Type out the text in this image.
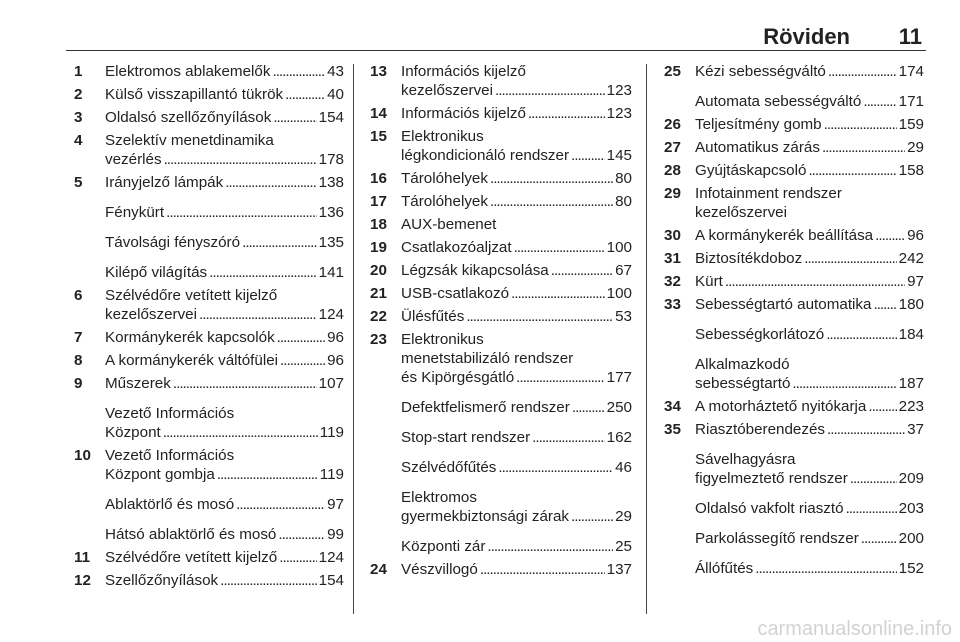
Röviden 11
1 Elektromos ablakemelők . . .	43
2 Külső visszapillantó tükrök . . .	40
3 Oldalsó szellőzőnyílások . . .	154
4 Szelektív menetdinamika
vezérlés . . .	178
5 Irányjelző lámpák . . .	138
Fénykürt . . .	136
Távolsági fényszóró . . .	135
Kilépő világítás . . .	141
6 Szélvédőre vetített kijelző
kezelőszervei . . .	124
7 Kormánykerék kapcsolók . . .	96
8 A kormánykerék váltófülei . . .	96
9 Műszerek . . .	107
Vezető Információs
Központ . . .	119
10 Vezető Információs
Központ gombja . . .	119
Ablaktörlő és mosó . . .	97
Hátsó ablaktörlő és mosó . . .	99
11 Szélvédőre vetített kijelző . . .	124
12 Szellőzőnyílások . . .	154
13 Információs kijelző
kezelőszervei . . .	123
14 Információs kijelző . . .	123
15 Elektronikus
légkondicionáló rendszer . . . 145
16 Tárolóhelyek . . .	80
17 Tárolóhelyek . . .	80
18 AUX-bemenet
19 Csatlakozóaljzat . . .	100
20 Légzsák kikapcsolása . . .	67
21 USB-csatlakozó . . .	100
22 Ülésfűtés . . .	53
23 Elektronikus
menetstabilizáló rendszer
és Kipörgésgátló . . .	177
Defektfelismerő rendszer . . . 250
Stop-start rendszer . . .	162
Szélvédőfűtés . . .	46
Elektromos
gyermekbiztonsági zárak . . .	29
Központi zár . . .	25
24 Vészvillogó . . .	137
25 Kézi sebességváltó . . .	174
Automata sebességváltó . . . 171
26 Teljesítmény gomb . . .	159
27 Automatikus zárás . . .	29
28 Gyújtáskapcsoló . . .	158
29 Infotainment rendszer
kezelőszervei
30 A kormánykerék beállítása . . . 96
31 Biztosítékdoboz . . .	242
32 Kürt . . .	97
33 Sebességtartó automatika . . . 180
Sebességkorlátozó . . .	184
Alkalmazkodó
sebességtartó . . .	187
34 A motorháztető nyitókarja . . . 223
35 Riasztóberendezés . . .	37
Sávelhagyásra
figyelmeztető rendszer . . .	209
Oldalsó vakfolt riasztó . . .	203
Parkolássegítő rendszer . . .	200
Állófűtés . . .	152
carmanualsonline.info
